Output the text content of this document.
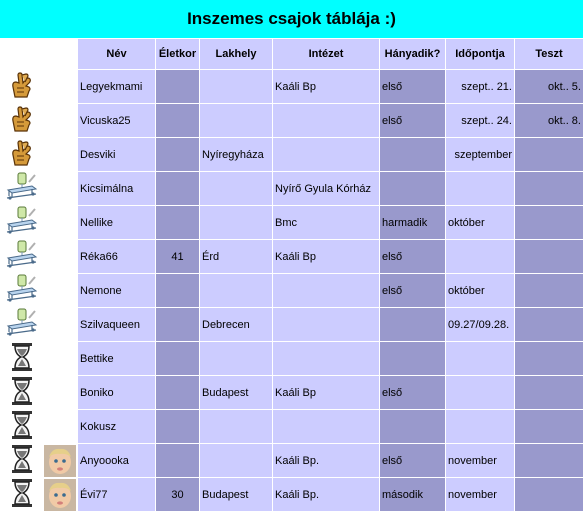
Inszemes csajok táblája :)
		Név	Életkor	Lakhely	Intézet	Hányadik?	Időpontja	Teszt
		Legyekmami			Kaáli Bp	első	szept.. 21.	okt.. 5.
		Vicuska25				első	szept.. 24.	okt.. 8.
		Desviki		Nyíregyháza			szeptember	
		Kicsimálna			Nyírő Gyula Kórház			
		Nellike			Bmc	harmadik	október	
		Réka66	41	Érd	Kaáli Bp	első		
		Nemone				első	október	
		Szilvaqueen		Debrecen			09.27/09.28.	
		Bettike						
		Boniko		Budapest	Kaáli Bp	első		
		Kokusz						
		Anyoooka			Kaáli Bp.	első	november	
		Évi77	30	Budapest	Kaáli Bp.	második	november	
